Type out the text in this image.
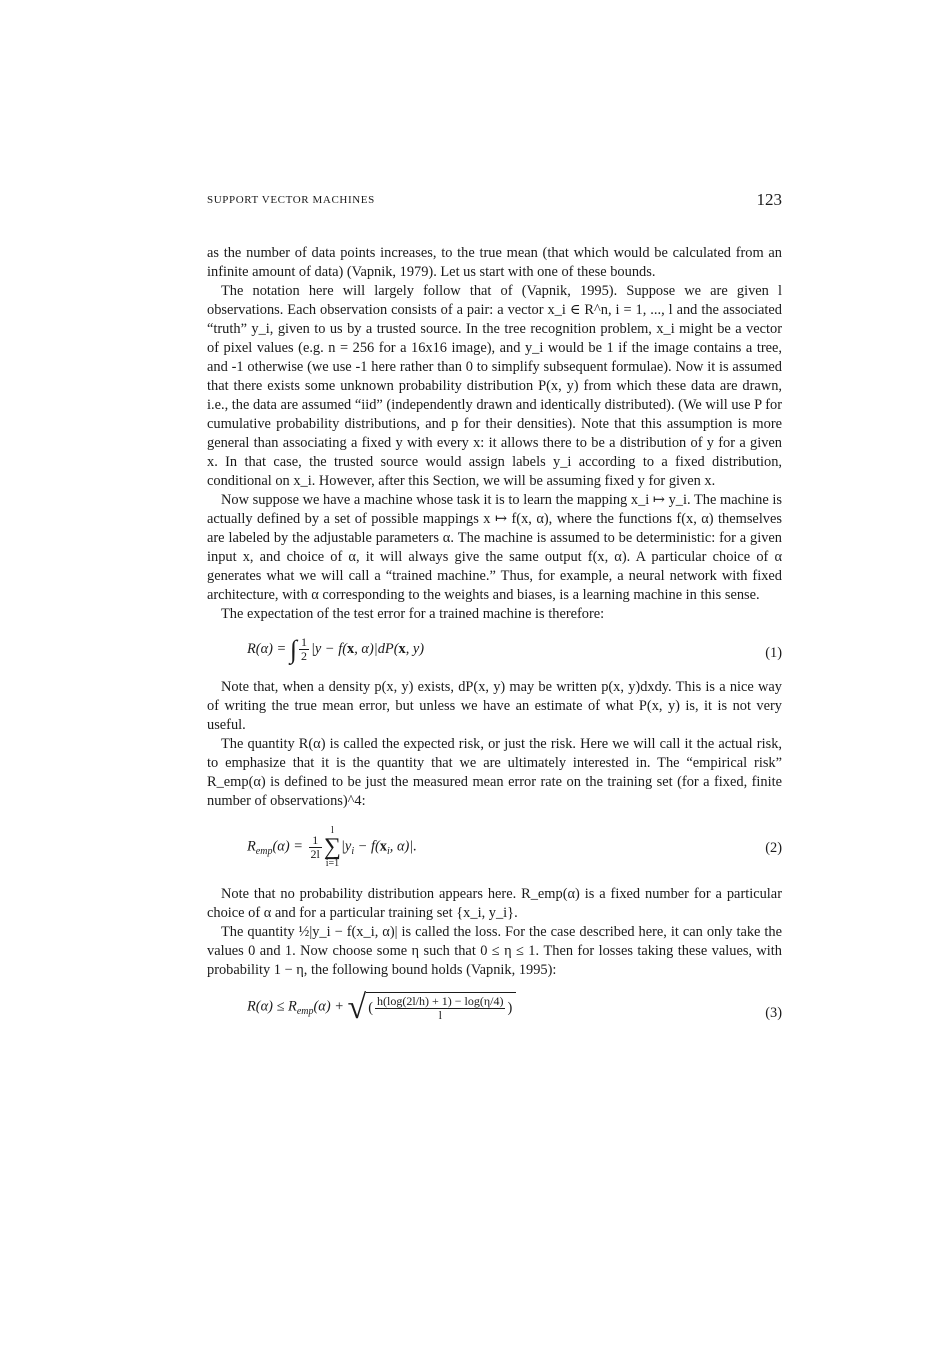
SUPPORT VECTOR MACHINES	123

as the number of data points increases, to the true mean (that which would be calculated from an infinite amount of data) (Vapnik, 1979). Let us start with one of these bounds.

The notation here will largely follow that of (Vapnik, 1995). Suppose we are given l observations. Each observation consists of a pair: a vector x_i ∈ R^n, i = 1, ..., l and the associated “truth” y_i, given to us by a trusted source. In the tree recognition problem, x_i might be a vector of pixel values (e.g. n = 256 for a 16x16 image), and y_i would be 1 if the image contains a tree, and -1 otherwise (we use -1 here rather than 0 to simplify subsequent formulae). Now it is assumed that there exists some unknown probability distribution P(x, y) from which these data are drawn, i.e., the data are assumed “iid” (independently drawn and identically distributed). (We will use P for cumulative probability distributions, and p for their densities). Note that this assumption is more general than associating a fixed y with every x: it allows there to be a distribution of y for a given x. In that case, the trusted source would assign labels y_i according to a fixed distribution, conditional on x_i. However, after this Section, we will be assuming fixed y for given x.

Now suppose we have a machine whose task it is to learn the mapping x_i ↦ y_i. The machine is actually defined by a set of possible mappings x ↦ f(x, α), where the functions f(x, α) themselves are labeled by the adjustable parameters α. The machine is assumed to be deterministic: for a given input x, and choice of α, it will always give the same output f(x, α). A particular choice of α generates what we will call a “trained machine.” Thus, for example, a neural network with fixed architecture, with α corresponding to the weights and biases, is a learning machine in this sense.

The expectation of the test error for a trained machine is therefore:

R(α) = ∫ $\frac{1}{2} |y - f(x$, α)|dP(x, y)	(1)

Note that, when a density p(x, y) exists, dP(x, y) may be written p(x, y)dxdy. This is a nice way of writing the true mean error, but unless we have an estimate of what P(x, y) is, it is not very useful.

The quantity R(α) is called the expected risk, or just the risk. Here we will call it the actual risk, to emphasize that it is the quantity that we are ultimately interested in. The “empirical risk” R_emp(α) is defined to be just the measured mean error rate on the training set (for a fixed, finite number of observations)^4:

$R_{emp}(\alpha) = \frac{1}{2l}$
l
∑
i=1
$|y_i - f(x_i$, α)|.	(2)

Note that no probability distribution appears here. R_emp(α) is a fixed number for a particular choice of α and for a particular training set {x_i, y_i}.

The quantity ½|y_i − f(x_i, α)| is called the loss. For the case described here, it can only take the values 0 and 1. Now choose some η such that 0 ≤ η ≤ 1. Then for losses taking these values, with probability 1 − η, the following bound holds (Vapnik, 1995):

$R(\alpha) \le R_{emp}(\alpha)$ + √ ( $\frac{h(\log(2l/h) + 1) - \log(\eta/4)}{l}$ )	(3)
